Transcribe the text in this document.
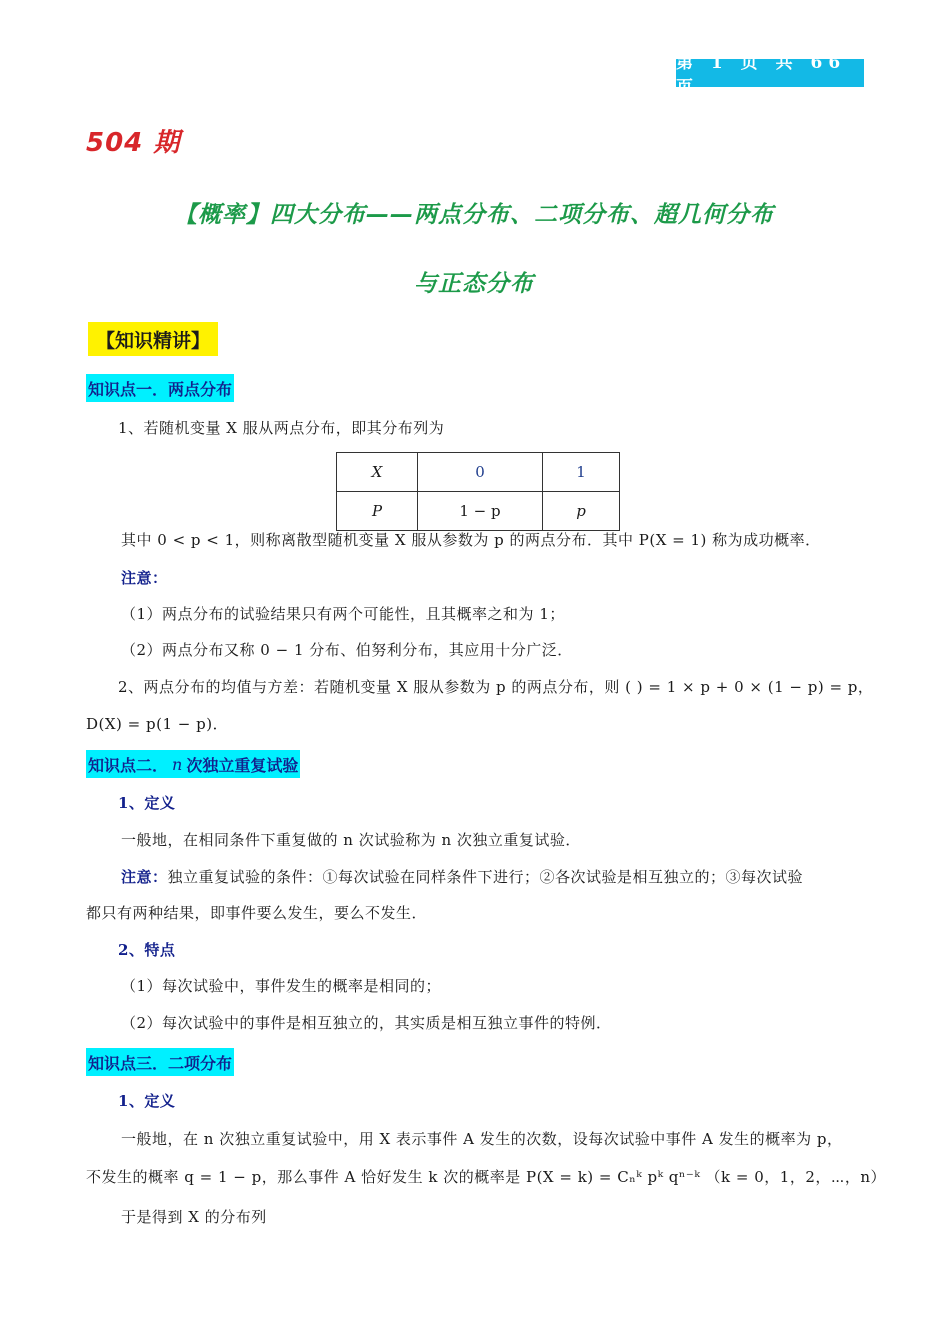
第 1 页 共 66 页
504 期
【概率】四大分布——两点分布、二项分布、超几何分布
与正态分布
【知识精讲】
知识点一．两点分布
1、若随机变量 X 服从两点分布，即其分布列为
X	0	1
P	1 − p	p
其中 0 < p < 1，则称离散型随机变量 X 服从参数为 p 的两点分布．其中 P(X = 1) 称为成功概率．
注意：
（1）两点分布的试验结果只有两个可能性，且其概率之和为 1；
（2）两点分布又称 0 − 1 分布、伯努利分布，其应用十分广泛．
2、两点分布的均值与方差：若随机变量 X 服从参数为 p 的两点分布，则 ( ) = 1 × p + 0 × (1 − p) = p，
D(X) = p(1 − p)．
知识点二． n 次独立重复试验
1、定义
一般地，在相同条件下重复做的 n 次试验称为 n 次独立重复试验．
注意：独立重复试验的条件：①每次试验在同样条件下进行；②各次试验是相互独立的；③每次试验
都只有两种结果，即事件要么发生，要么不发生．
2、特点
（1）每次试验中，事件发生的概率是相同的；
（2）每次试验中的事件是相互独立的，其实质是相互独立事件的特例．
知识点三．二项分布
1、定义
一般地，在 n 次独立重复试验中，用 X 表示事件 A 发生的次数，设每次试验中事件 A 发生的概率为 p，
不发生的概率 q = 1 − p，那么事件 A 恰好发生 k 次的概率是 P(X = k) = Cₙᵏ pᵏ qⁿ⁻ᵏ （k = 0，1，2，⋯，n）
于是得到 X 的分布列
